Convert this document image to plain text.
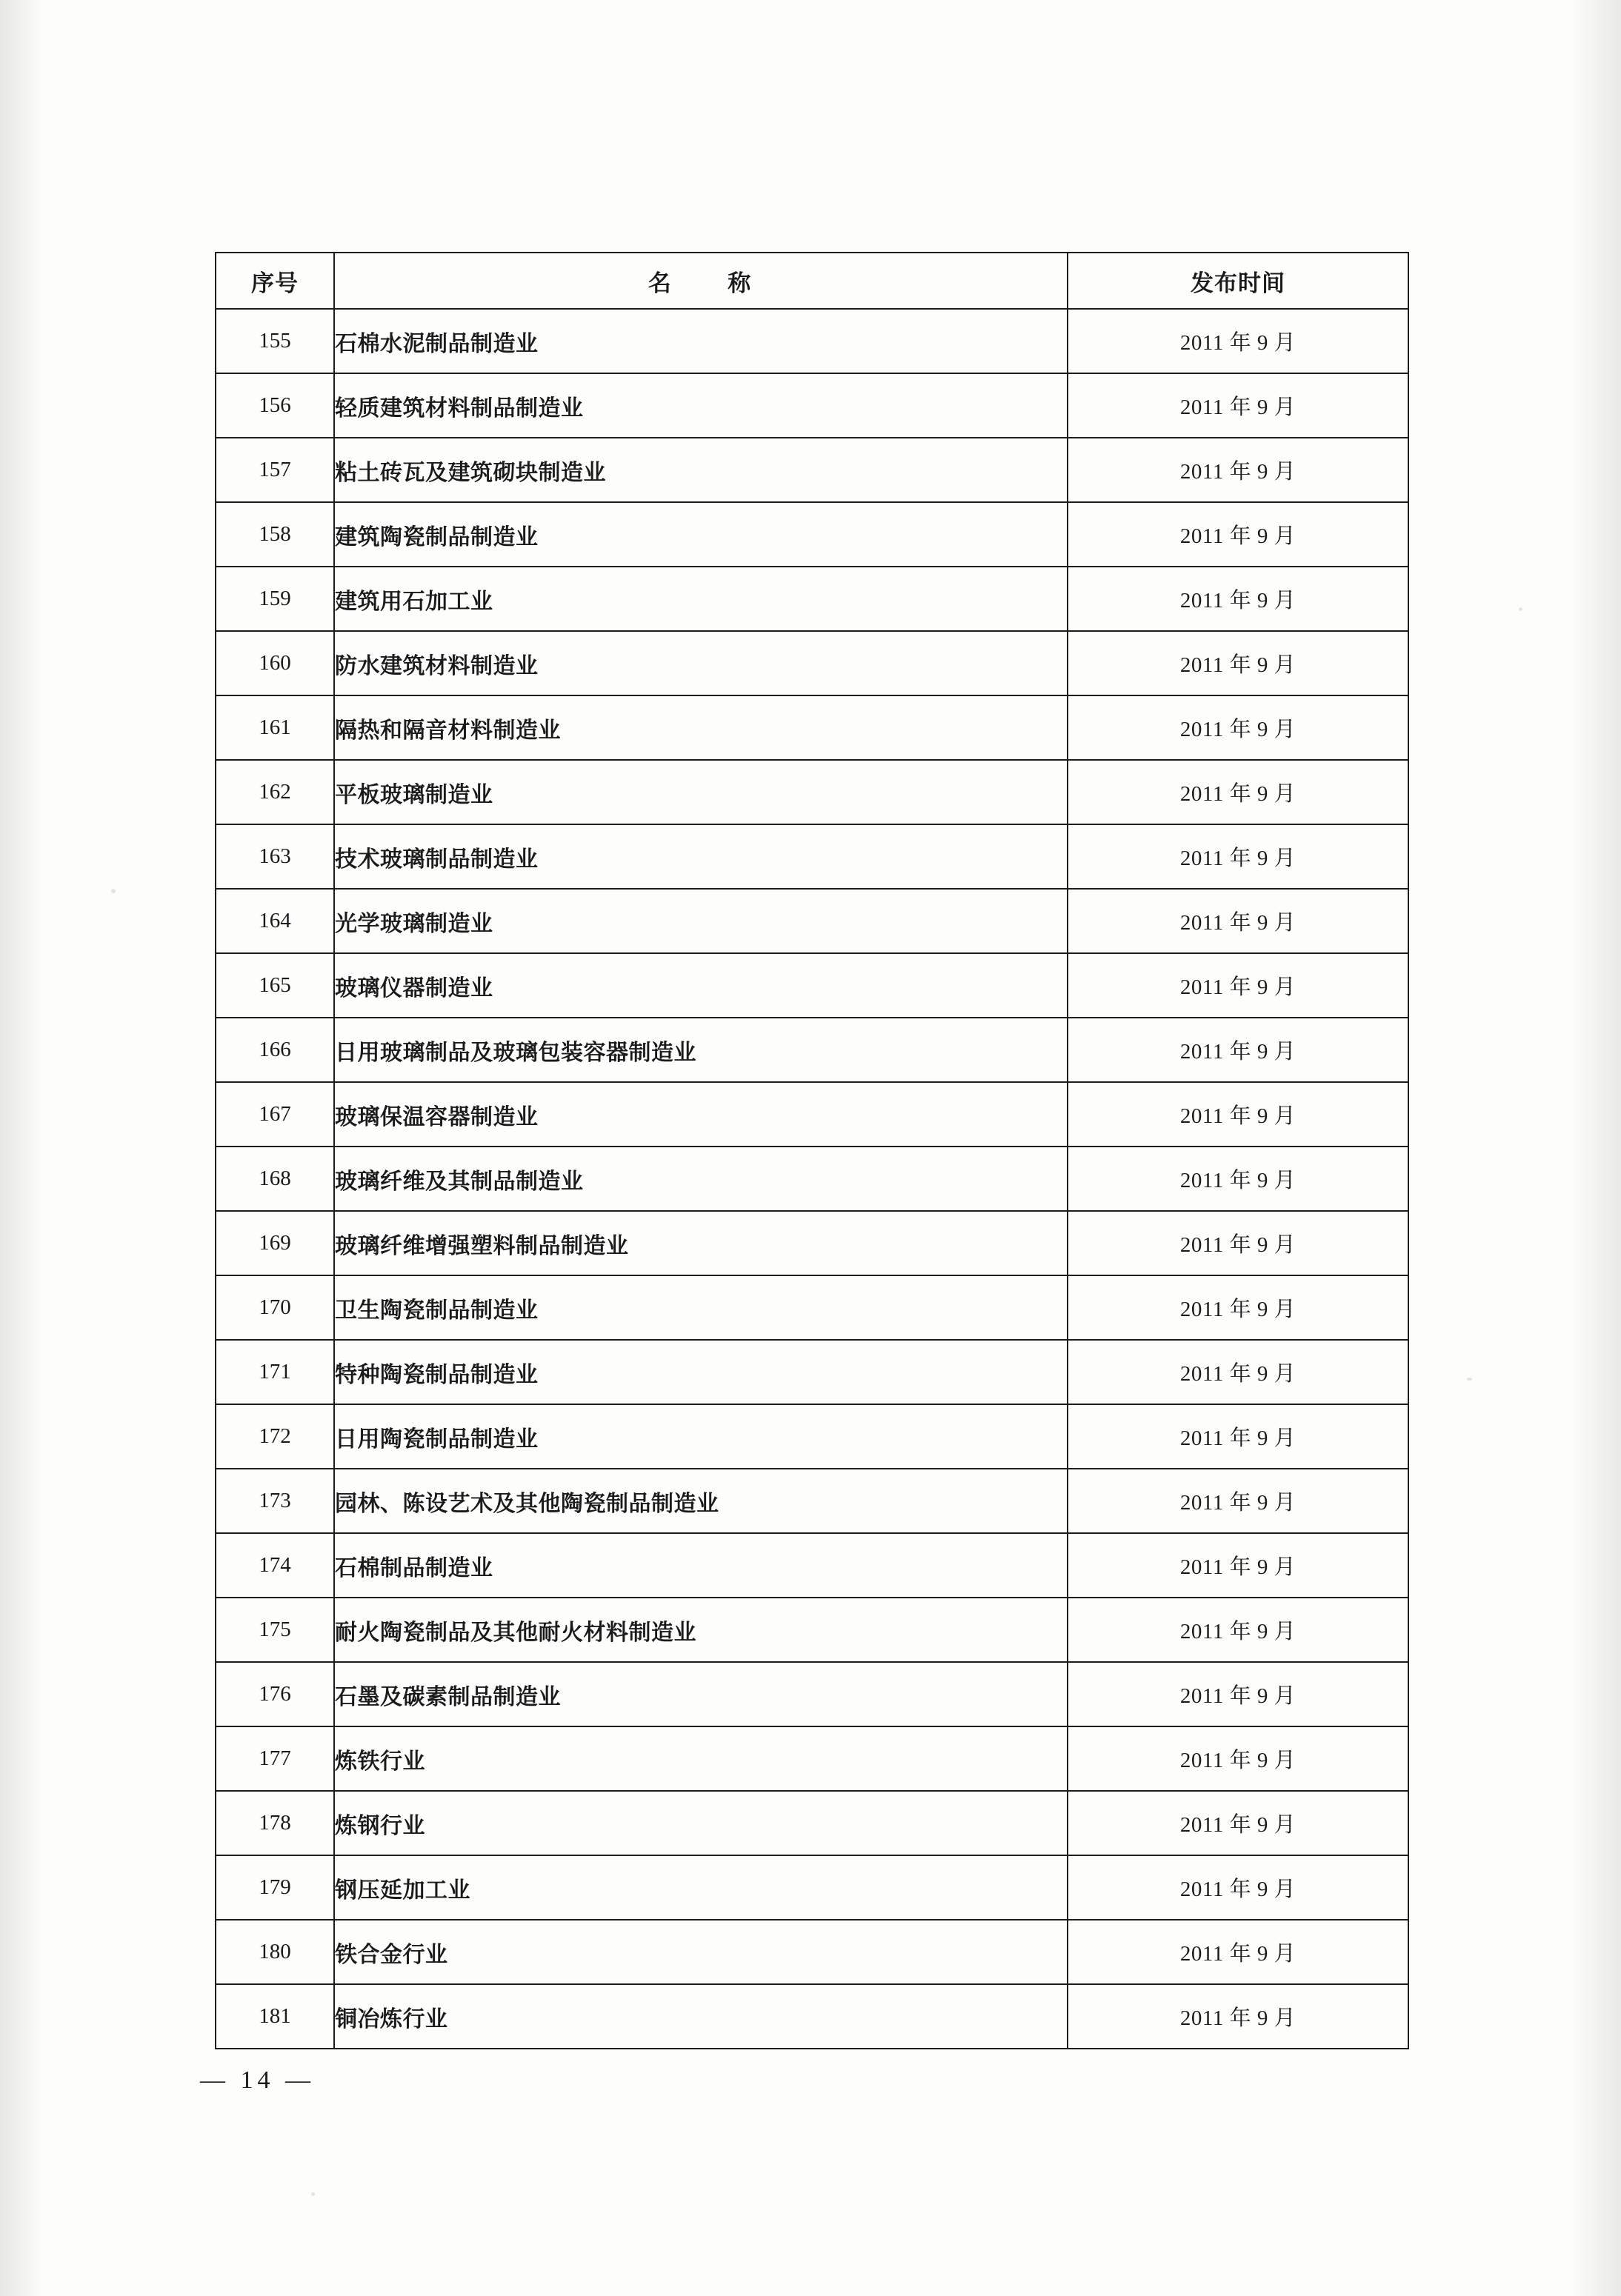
序号	名 称	发布时间
155	石棉水泥制品制造业	2011 年 9 月
156	轻质建筑材料制品制造业	2011 年 9 月
157	粘土砖瓦及建筑砌块制造业	2011 年 9 月
158	建筑陶瓷制品制造业	2011 年 9 月
159	建筑用石加工业	2011 年 9 月
160	防水建筑材料制造业	2011 年 9 月
161	隔热和隔音材料制造业	2011 年 9 月
162	平板玻璃制造业	2011 年 9 月
163	技术玻璃制品制造业	2011 年 9 月
164	光学玻璃制造业	2011 年 9 月
165	玻璃仪器制造业	2011 年 9 月
166	日用玻璃制品及玻璃包装容器制造业	2011 年 9 月
167	玻璃保温容器制造业	2011 年 9 月
168	玻璃纤维及其制品制造业	2011 年 9 月
169	玻璃纤维增强塑料制品制造业	2011 年 9 月
170	卫生陶瓷制品制造业	2011 年 9 月
171	特种陶瓷制品制造业	2011 年 9 月
172	日用陶瓷制品制造业	2011 年 9 月
173	园林、陈设艺术及其他陶瓷制品制造业	2011 年 9 月
174	石棉制品制造业	2011 年 9 月
175	耐火陶瓷制品及其他耐火材料制造业	2011 年 9 月
176	石墨及碳素制品制造业	2011 年 9 月
177	炼铁行业	2011 年 9 月
178	炼钢行业	2011 年 9 月
179	钢压延加工业	2011 年 9 月
180	铁合金行业	2011 年 9 月
181	铜冶炼行业	2011 年 9 月
— 14 —
